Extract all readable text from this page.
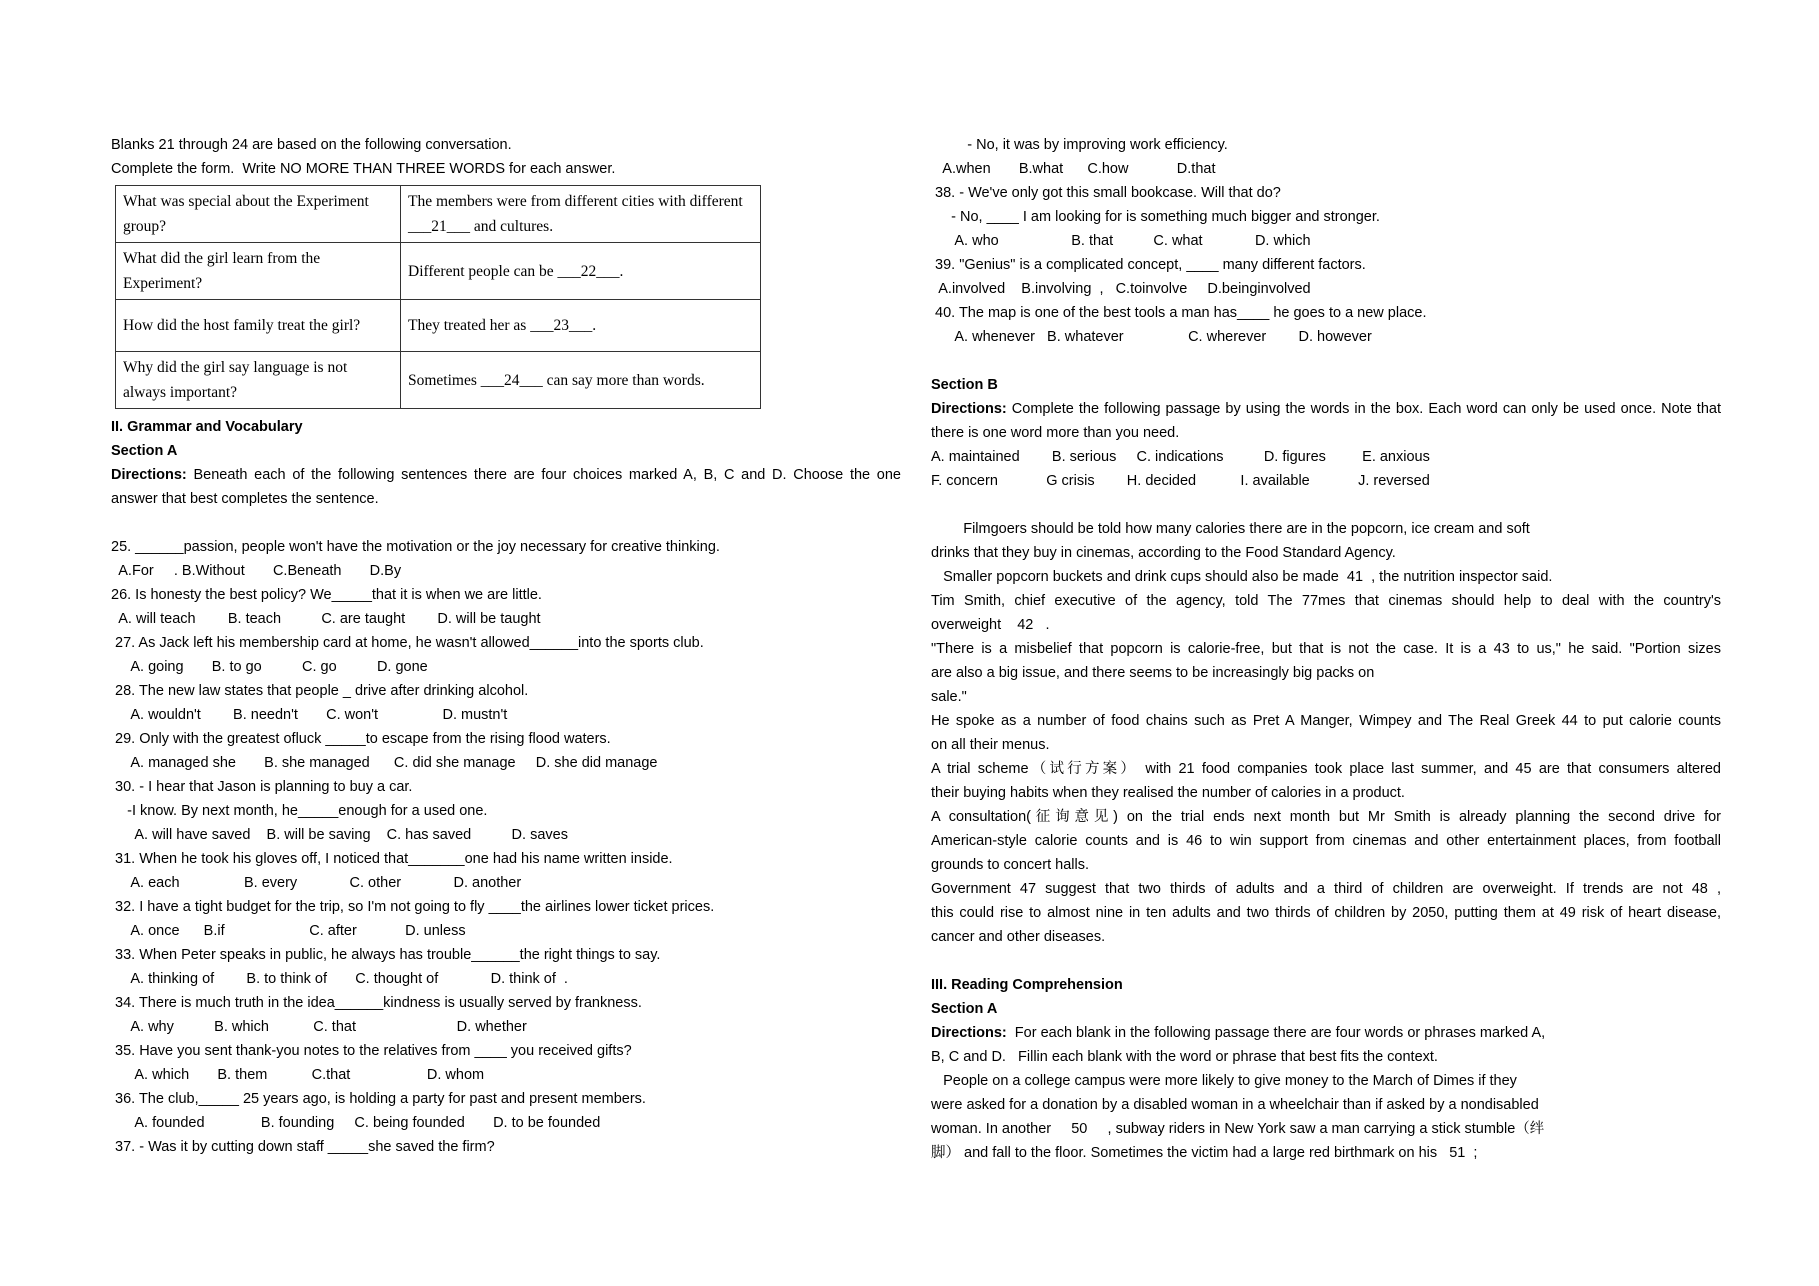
Blanks 21 through 24 are based on the following conversation.
Complete the form.  Write NO MORE THAN THREE WORDS for each answer.
What was special about the Experiment group?	The members were from different cities with different ___21___ and cultures.
What did the girl learn from the Experiment?	Different people can be ___22___.
How did the host family treat the girl?	They treated her as ___23___.
Why did the girl say language is not always important?	Sometimes ___24___ can say more than words.
II. Grammar and Vocabulary
Section A
Directions: Beneath each of the following sentences there are four choices marked A, B, C and D. Choose the one
answer that best completes the sentence.
25. ______passion, people won't have the motivation or the joy necessary for creative thinking.
A.For     . B.Without       C.Beneath       D.By
26. Is honesty the best policy? We_____that it is when we are little.
A. will teach        B. teach          C. are taught        D. will be taught
27. As Jack left his membership card at home, he wasn't allowed______into the sports club.
A. going       B. to go          C. go          D. gone
28. The new law states that people _ drive after drinking alcohol.
A. wouldn't        B. needn't       C. won't                D. mustn't
29. Only with the greatest ofluck _____to escape from the rising flood waters.
A. managed she       B. she managed      C. did she manage     D. she did manage
30. - I hear that Jason is planning to buy a car.
-I know. By next month, he_____enough for a used one.
A. will have saved    B. will be saving    C. has saved          D. saves
31. When he took his gloves off, I noticed that_______one had his name written inside.
A. each                B. every             C. other             D. another
32. I have a tight budget for the trip, so I'm not going to fly ____the airlines lower ticket prices.
A. once      B.if                     C. after            D. unless
33. When Peter speaks in public, he always has trouble______the right things to say.
A. thinking of        B. to think of       C. thought of             D. think of  .
34. There is much truth in the idea______kindness is usually served by frankness.
A. why          B. which           C. that                         D. whether
35. Have you sent thank-you notes to the relatives from ____ you received gifts?
A. which       B. them           C.that                   D. whom
36. The club,_____ 25 years ago, is holding a party for past and present members.
A. founded              B. founding     C. being founded       D. to be founded
37. - Was it by cutting down staff _____she saved the firm?
- No, it was by improving work efficiency.
A.when       B.what      C.how            D.that
38. - We've only got this small bookcase. Will that do?
- No, ____ I am looking for is something much bigger and stronger.
A. who                  B. that          C. what             D. which
39. "Genius" is a complicated concept, ____ many different factors.
A.involved    B.involving  ,   C.toinvolve     D.beinginvolved
40. The map is one of the best tools a man has____ he goes to a new place.
A. whenever   B. whatever                C. wherever        D. however
Section B
Directions: Complete the following passage by using the words in the box. Each word can only be used once. Note that
there is one word more than you need.
A. maintained        B. serious     C. indications          D. figures         E. anxious
F. concern            G crisis        H. decided           I. available            J. reversed
Filmgoers should be told how many calories there are in the popcorn, ice cream and soft
drinks that they buy in cinemas, according to the Food Standard Agency.
Smaller popcorn buckets and drink cups should also be made  41  , the nutrition inspector said.
Tim Smith, chief executive of the agency, told The 77mes that cinemas should help to deal with the country's
overweight    42   .
"There is a misbelief that popcorn is calorie-free, but that is not the case. It is a 43 to us," he said. "Portion sizes
are also a big issue, and there seems to be increasingly big packs on
sale."
He spoke as a number of food chains such as Pret A Manger, Wimpey and The Real Greek 44 to put calorie counts
on all their menus.
A trial scheme（试行方案） with 21 food companies took place last summer, and 45 are that consumers altered
their buying habits when they realised the number of calories in a product.
A consultation(征询意见) on the trial ends next month but Mr Smith is already planning the second drive for
American-style calorie counts and is 46 to win support from cinemas and other entertainment places, from football
grounds to concert halls.
Government 47 suggest that two thirds of adults and a third of children are overweight. If trends are not 48 ,
this could rise to almost nine in ten adults and two thirds of children by 2050, putting them at 49 risk of heart disease,
cancer and other diseases.
III. Reading Comprehension
Section A
Directions:  For each blank in the following passage there are four words or phrases marked A,
B, C and D.   Fillin each blank with the word or phrase that best fits the context.
People on a college campus were more likely to give money to the March of Dimes if they
were asked for a donation by a disabled woman in a wheelchair than if asked by a nondisabled
woman. In another     50     , subway riders in New York saw a man carrying a stick stumble（绊
脚） and fall to the floor. Sometimes the victim had a large red birthmark on his   51  ;
